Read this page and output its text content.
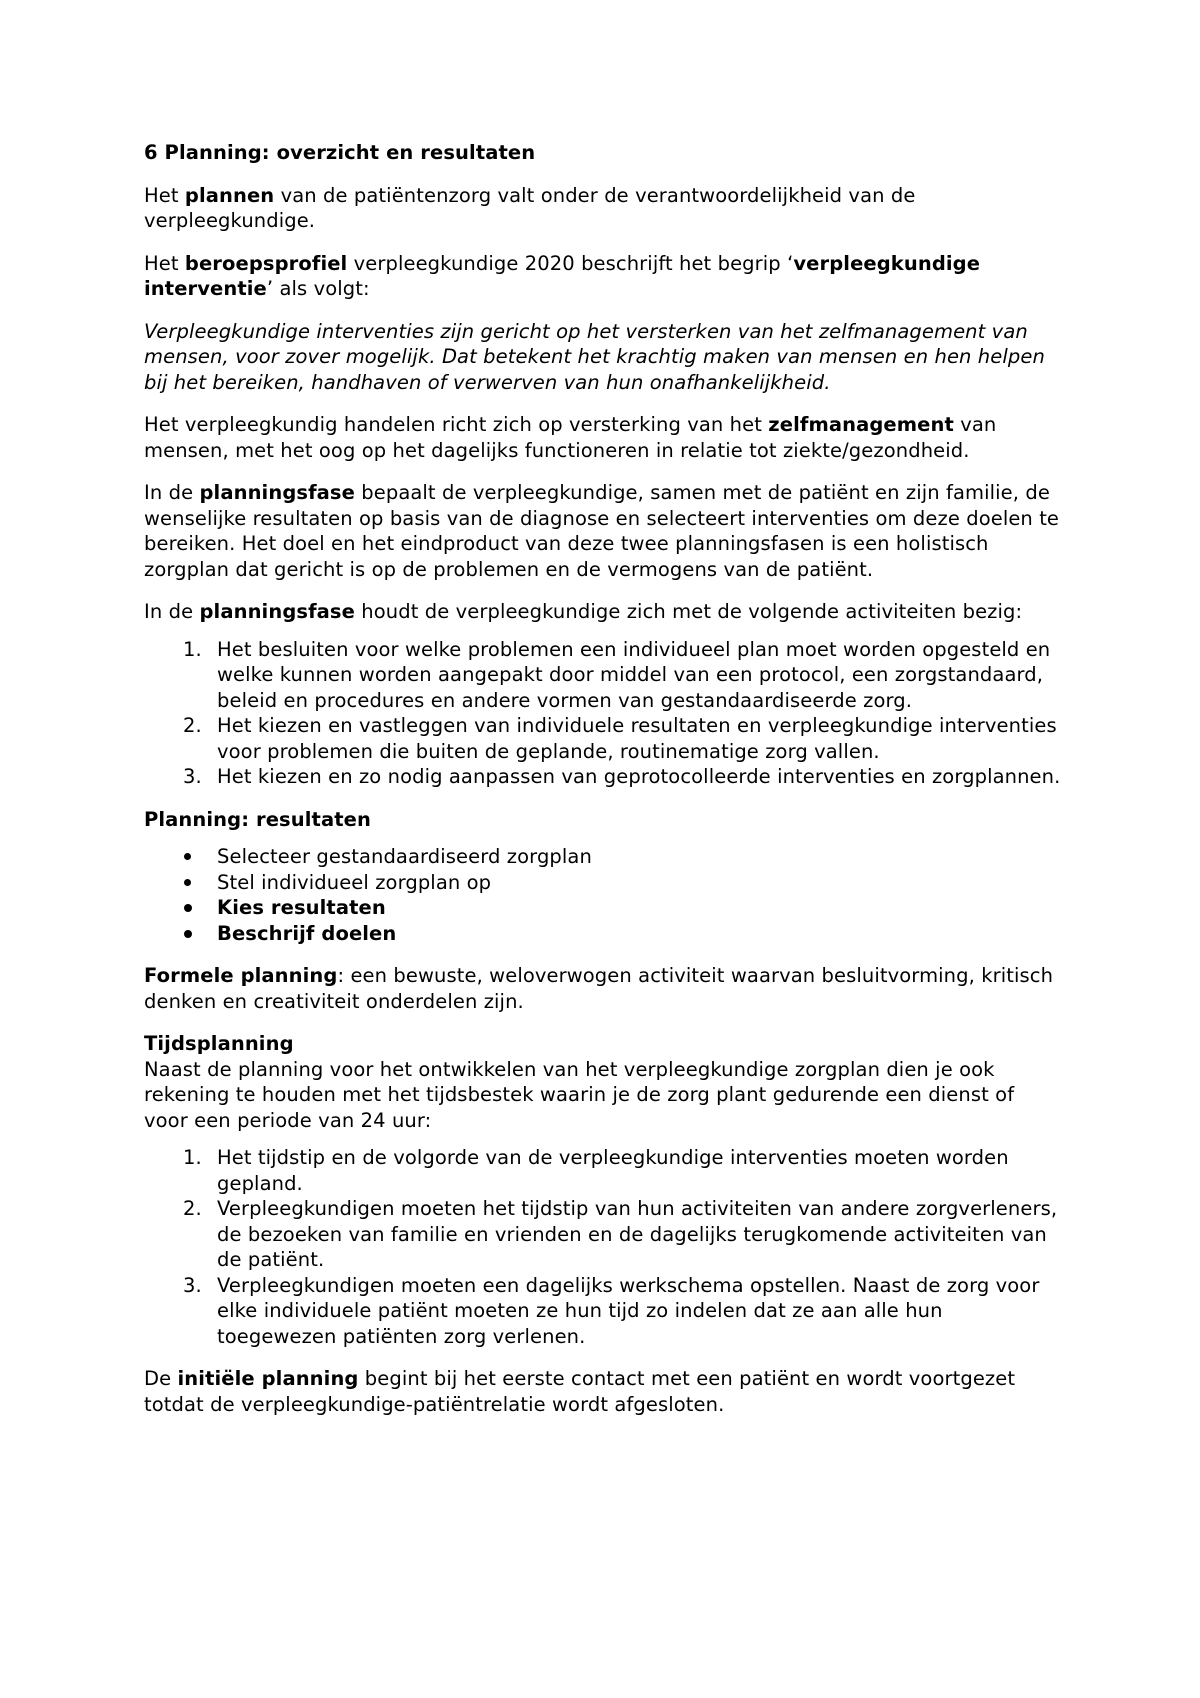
6 Planning: overzicht en resultaten

Het plannen van de patiëntenzorg valt onder de verantwoordelijkheid van de verpleegkundige.

Het beroepsprofiel verpleegkundige 2020 beschrijft het begrip ‘verpleegkundige interventie’ als volgt:

Verpleegkundige interventies zijn gericht op het versterken van het zelfmanagement van mensen, voor zover mogelijk. Dat betekent het krachtig maken van mensen en hen helpen bij het bereiken, handhaven of verwerven van hun onafhankelijkheid.

Het verpleegkundig handelen richt zich op versterking van het zelfmanagement van mensen, met het oog op het dagelijks functioneren in relatie tot ziekte/gezondheid.

In de planningsfase bepaalt de verpleegkundige, samen met de patiënt en zijn familie, de wenselijke resultaten op basis van de diagnose en selecteert interventies om deze doelen te bereiken. Het doel en het eindproduct van deze twee planningsfasen is een holistisch zorgplan dat gericht is op de problemen en de vermogens van de patiënt.

In de planningsfase houdt de verpleegkundige zich met de volgende activiteiten bezig:

1. Het besluiten voor welke problemen een individueel plan moet worden opgesteld en welke kunnen worden aangepakt door middel van een protocol, een zorgstandaard, beleid en procedures en andere vormen van gestandaardiseerde zorg.
2. Het kiezen en vastleggen van individuele resultaten en verpleegkundige interventies voor problemen die buiten de geplande, routinematige zorg vallen.
3. Het kiezen en zo nodig aanpassen van geprotocolleerde interventies en zorgplannen.

Planning: resultaten

Selecteer gestandaardiseerd zorgplan
Stel individueel zorgplan op
Kies resultaten
Beschrijf doelen

Formele planning: een bewuste, weloverwogen activiteit waarvan besluitvorming, kritisch denken en creativiteit onderdelen zijn.

Tijdsplanning
Naast de planning voor het ontwikkelen van het verpleegkundige zorgplan dien je ook rekening te houden met het tijdsbestek waarin je de zorg plant gedurende een dienst of voor een periode van 24 uur:

1. Het tijdstip en de volgorde van de verpleegkundige interventies moeten worden gepland.
2. Verpleegkundigen moeten het tijdstip van hun activiteiten van andere zorgverleners, de bezoeken van familie en vrienden en de dagelijks terugkomende activiteiten van de patiënt.
3. Verpleegkundigen moeten een dagelijks werkschema opstellen. Naast de zorg voor elke individuele patiënt moeten ze hun tijd zo indelen dat ze aan alle hun toegewezen patiënten zorg verlenen.

De initiële planning begint bij het eerste contact met een patiënt en wordt voortgezet totdat de verpleegkundige-patiëntrelatie wordt afgesloten.
